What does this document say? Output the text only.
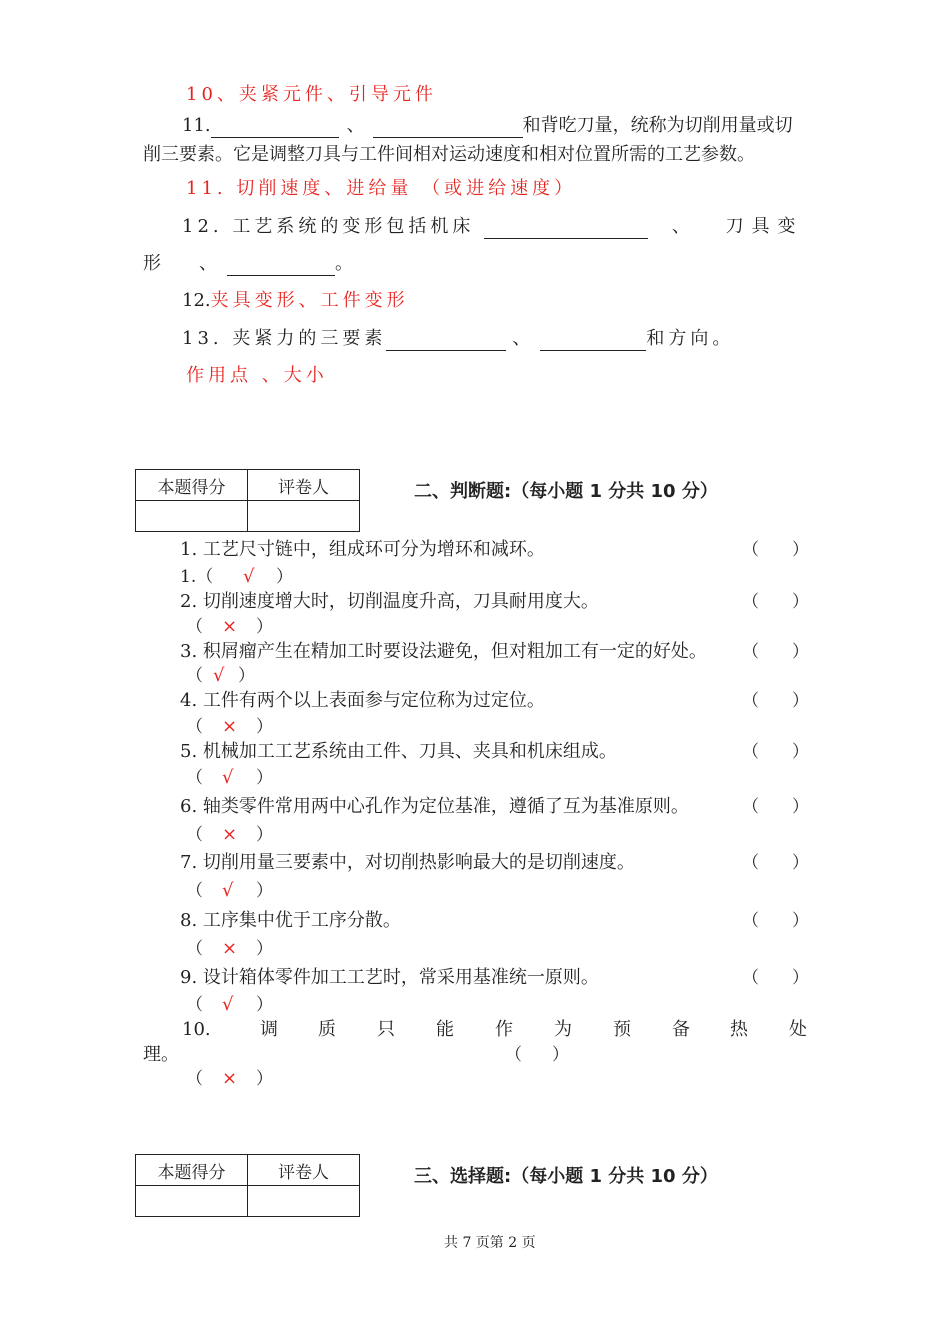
10、夹紧元件、引导元件
11.	、	和背吃刀量，统称为切削用量或切
削三要素。它是调整刀具与工件间相对运动速度和相对位置所需的工艺参数。
11. 切削速度、进给量 （或进给速度）
12. 工艺系统的变形包括机床	、 刀具变
形 、	。
12.夹具变形、工件变形
13. 夹紧力的三要素	、	和方向。
作用点 、大小
本题得分	评卷人
		二、判断题:（每小题 1 分共 10 分）
1. 工艺尺寸链中，组成环可分为增环和减环。	（ ）
1.（ √ ）
2. 切削速度增大时，切削温度升高，刀具耐用度大。	（ ）
（ × ）
3. 积屑瘤产生在精加工时要设法避免，但对粗加工有一定的好处。 （ ）
（ √ ）
4. 工件有两个以上表面参与定位称为过定位。	（ ）
（ × ）
5. 机械加工工艺系统由工件、刀具、夹具和机床组成。	（ ）
（ √ ）
6. 轴类零件常用两中心孔作为定位基准，遵循了互为基准原则。	（ ）
（ × ）
7. 切削用量三要素中，对切削热影响最大的是切削速度。	（ ）
（ √ ）
8. 工序集中优于工序分散。	（ ）
（ × ）
9. 设计箱体零件加工工艺时，常采用基准统一原则。	（ ）
（ √ ）
10.	调 质 只 能 作 为 预 备 热 处
理。	（ ）
（ × ）
本题得分	评卷人
		三、选择题:（每小题 1 分共 10 分）
共 7 页第 2 页
